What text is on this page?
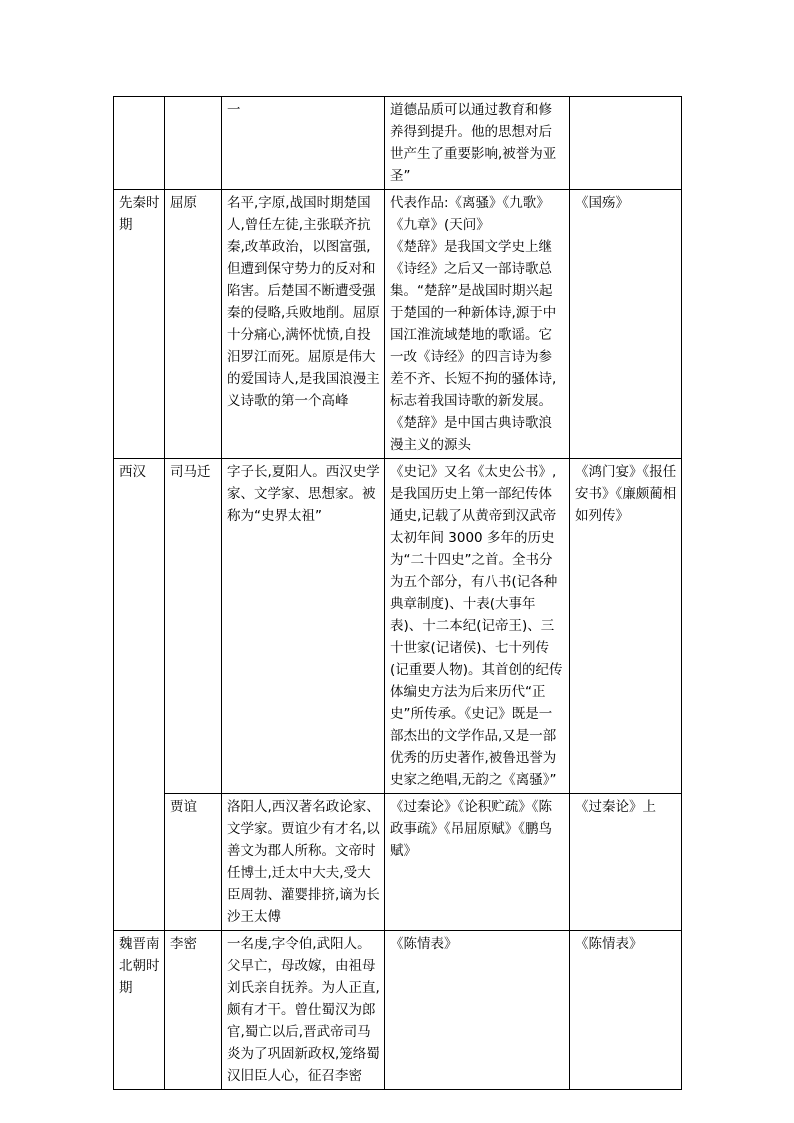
		一	道德品质可以通过教育和修养得到提升。他的思想对后世产生了重要影响,被誉为亚圣”	
先秦时期	屈原	名平,字原,战国时期楚国人,曾任左徒,主张联齐抗秦,改革政治，以图富强,但遭到保守势力的反对和陷害。后楚国不断遭受强秦的侵略,兵败地削。屈原十分痛心,满怀忧愤,自投汨罗江而死。屈原是伟大的爱国诗人,是我国浪漫主义诗歌的第一个高峰	代表作品:《离骚》《九歌》《九章》(天问》
《楚辞》是我国文学史上继《诗经》之后又一部诗歌总集。“楚辞”是战国时期兴起于楚国的一种新体诗,源于中国江淮流域楚地的歌谣。它一改《诗经》的四言诗为参差不齐、长短不拘的骚体诗,标志着我国诗歌的新发展。《楚辞》是中国古典诗歌浪漫主义的源头	《国殇》
西汉	司马迁	字子长,夏阳人。西汉史学家、文学家、思想家。被称为“史界太祖”	《史记》又名《太史公书》,是我国历史上第一部纪传体通史,记载了从黄帝到汉武帝太初年间 3000 多年的历史为“二十四史”之首。全书分为五个部分，有八书(记各种典章制度)、十表(大事年表)、十二本纪(记帝王)、三十世家(记诸侯)、七十列传(记重要人物)。其首创的纪传体编史方法为后来历代“正史”所传承。《史记》既是一部杰出的文学作品,又是一部优秀的历史著作,被鲁迅誉为史家之绝唱,无韵之《离骚》”	《鸿门宴》《报任安书》《廉颇蔺相如列传》
	贾谊	洛阳人,西汉著名政论家、文学家。贾谊少有才名,以善文为郡人所称。文帝时任博士,迁太中大夫,受大臣周勃、灌婴排挤,谪为长沙王太傅	《过秦论》《论积贮疏》《陈政事疏》《吊屈原赋》《鹏鸟赋》	《过秦论》上
魏晋南北朝时期	李密	一名虔,字令伯,武阳人。父早亡，母改嫁，由祖母刘氏亲自抚养。为人正直,颇有才干。曾仕蜀汉为郎官,蜀亡以后,晋武帝司马炎为了巩固新政权,笼络蜀汉旧臣人心，征召李密	《陈情表》	《陈情表》
